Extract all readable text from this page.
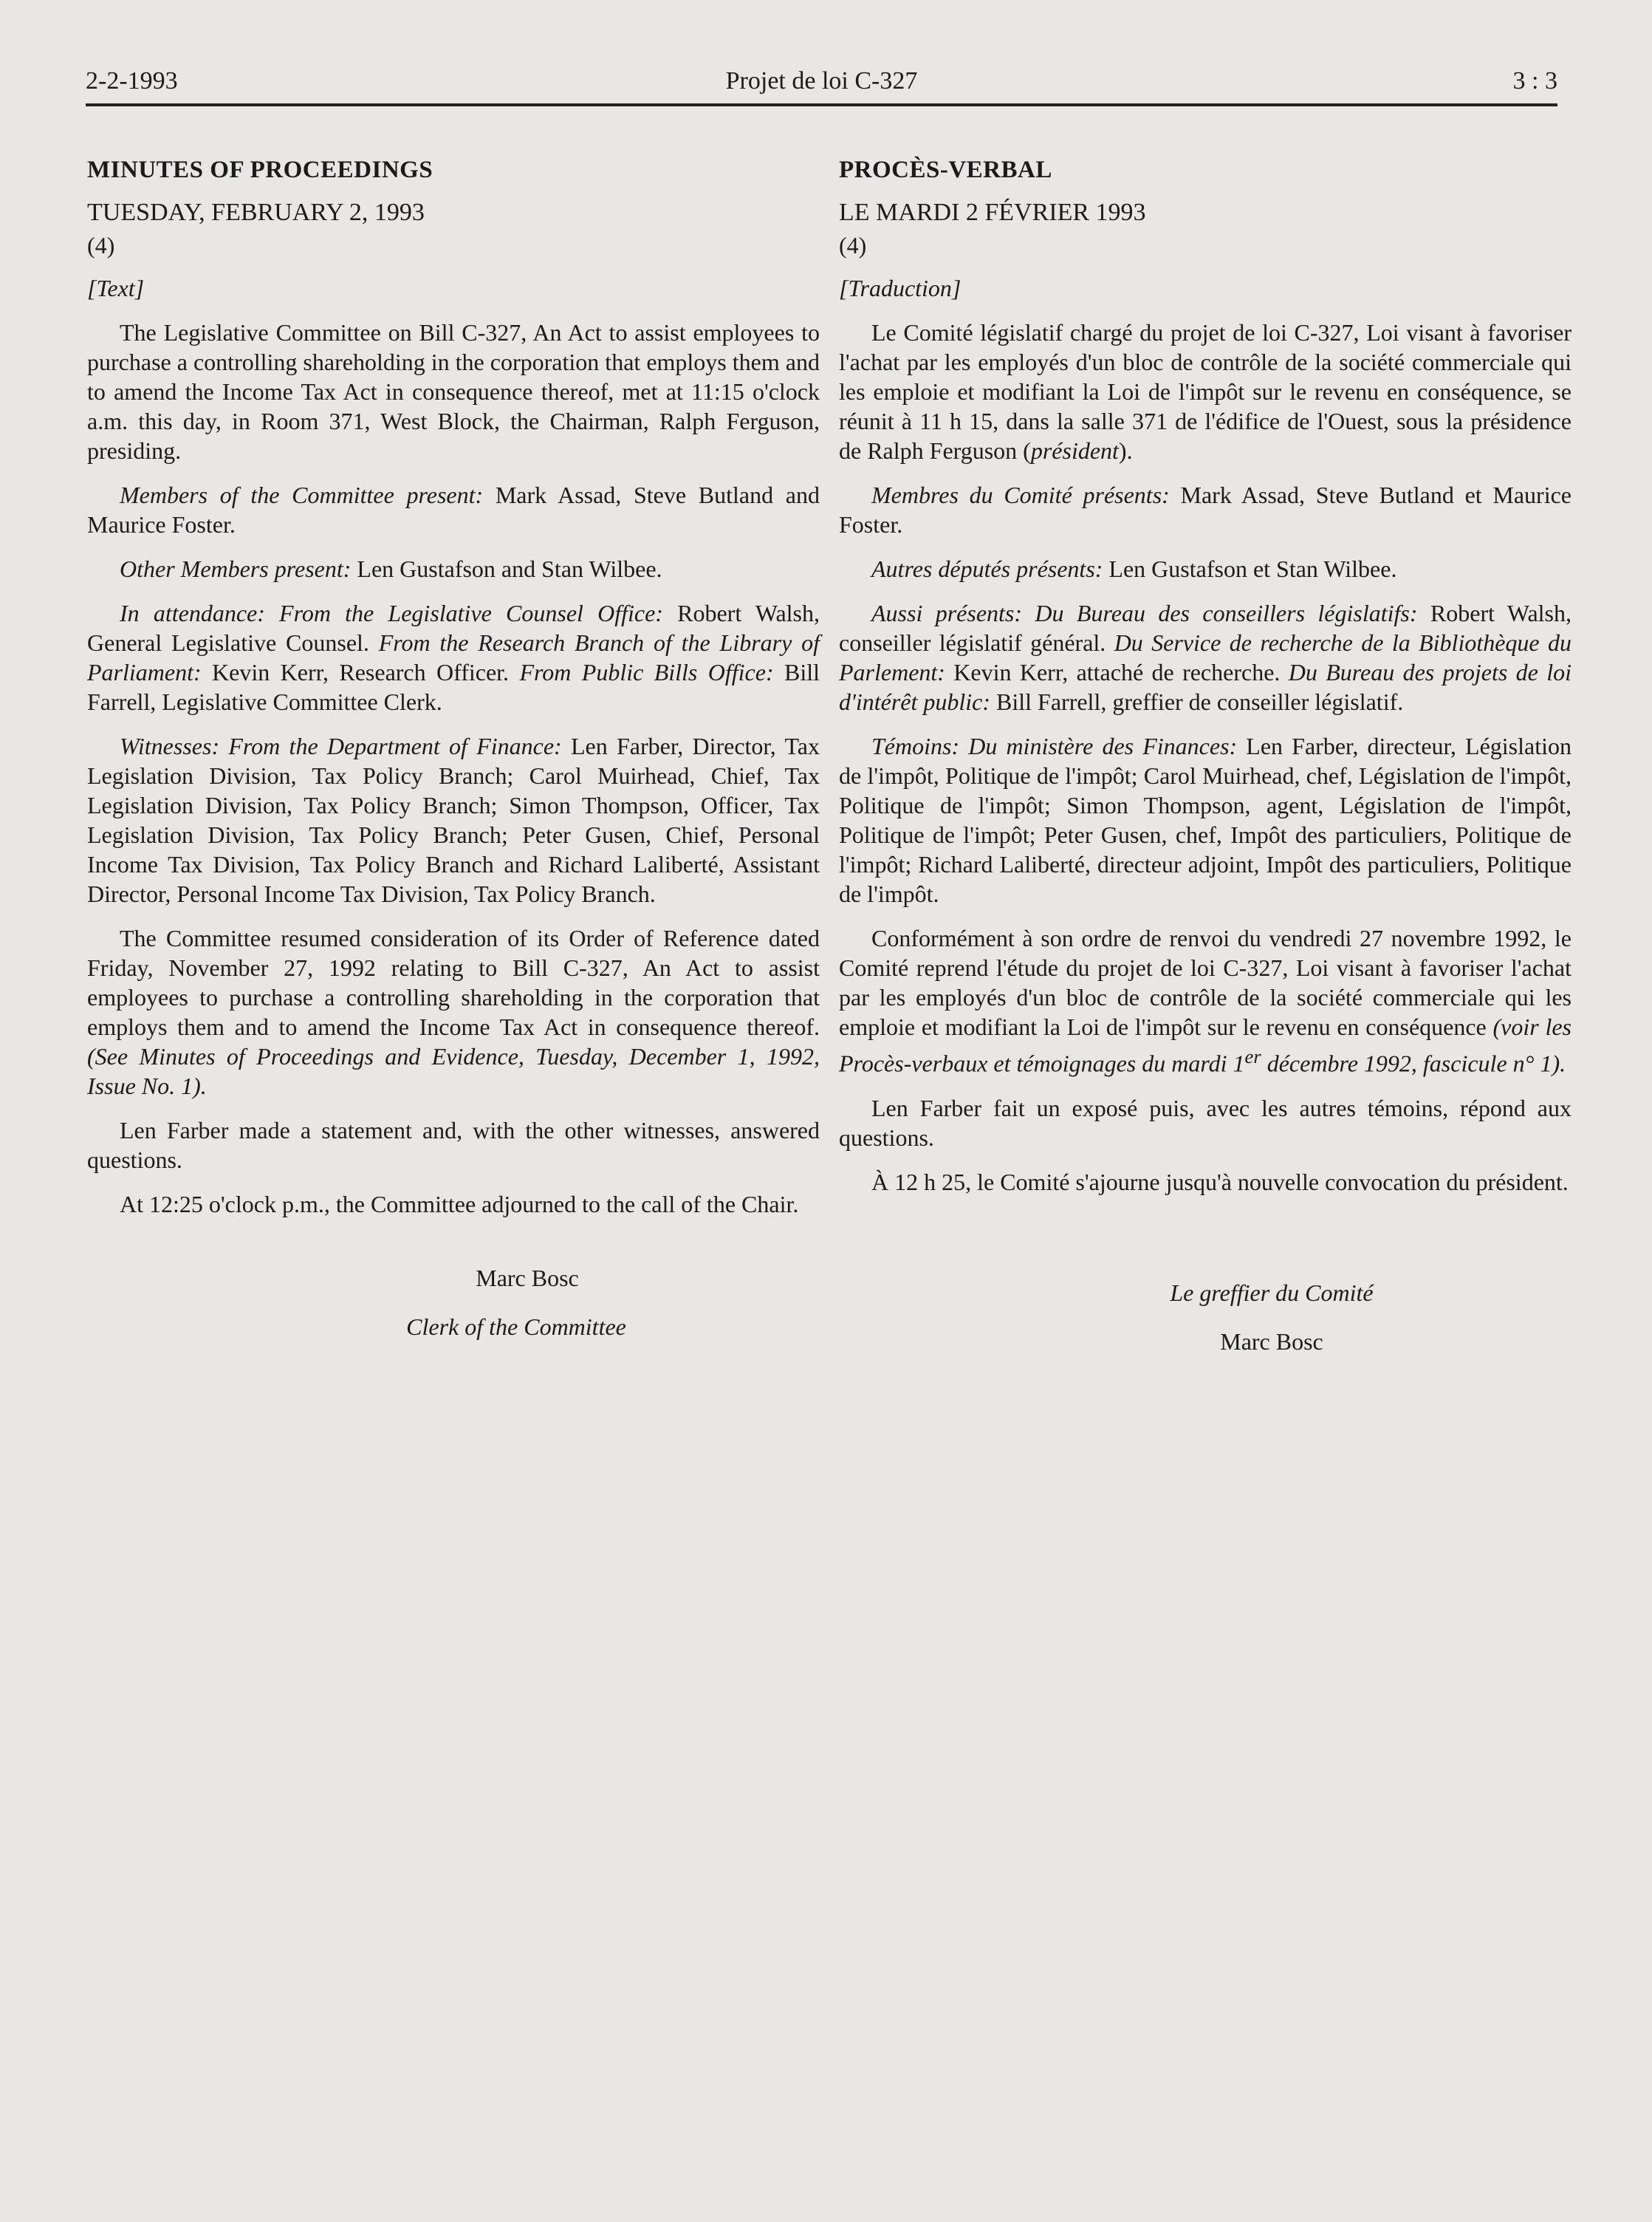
2-2-1993	Projet de loi C-327	3 : 3
MINUTES OF PROCEEDINGS
TUESDAY, FEBRUARY 2, 1993
(4)

[Text]

The Legislative Committee on Bill C-327, An Act to assist employees to purchase a controlling shareholding in the corporation that employs them and to amend the Income Tax Act in consequence thereof, met at 11:15 o'clock a.m. this day, in Room 371, West Block, the Chairman, Ralph Ferguson, presiding.

Members of the Committee present: Mark Assad, Steve Butland and Maurice Foster.

Other Members present: Len Gustafson and Stan Wilbee.

In attendance: From the Legislative Counsel Office: Robert Walsh, General Legislative Counsel. From the Research Branch of the Library of Parliament: Kevin Kerr, Research Officer. From Public Bills Office: Bill Farrell, Legislative Committee Clerk.

Witnesses: From the Department of Finance: Len Farber, Director, Tax Legislation Division, Tax Policy Branch; Carol Muirhead, Chief, Tax Legislation Division, Tax Policy Branch; Simon Thompson, Officer, Tax Legislation Division, Tax Policy Branch; Peter Gusen, Chief, Personal Income Tax Division, Tax Policy Branch and Richard Laliberté, Assistant Director, Personal Income Tax Division, Tax Policy Branch.

The Committee resumed consideration of its Order of Reference dated Friday, November 27, 1992 relating to Bill C-327, An Act to assist employees to purchase a controlling shareholding in the corporation that employs them and to amend the Income Tax Act in consequence thereof. (See Minutes of Proceedings and Evidence, Tuesday, December 1, 1992, Issue No. 1).

Len Farber made a statement and, with the other witnesses, answered questions.

At 12:25 o'clock p.m., the Committee adjourned to the call of the Chair.

Marc Bosc
Clerk of the Committee
PROCÈS-VERBAL
LE MARDI 2 FÉVRIER 1993
(4)

[Traduction]

Le Comité législatif chargé du projet de loi C-327, Loi visant à favoriser l'achat par les employés d'un bloc de contrôle de la société commerciale qui les emploie et modifiant la Loi de l'impôt sur le revenu en conséquence, se réunit à 11 h 15, dans la salle 371 de l'édifice de l'Ouest, sous la présidence de Ralph Ferguson (président).

Membres du Comité présents: Mark Assad, Steve Butland et Maurice Foster.

Autres députés présents: Len Gustafson et Stan Wilbee.

Aussi présents: Du Bureau des conseillers législatifs: Robert Walsh, conseiller législatif général. Du Service de recherche de la Bibliothèque du Parlement: Kevin Kerr, attaché de recherche. Du Bureau des projets de loi d'intérêt public: Bill Farrell, greffier de conseiller législatif.

Témoins: Du ministère des Finances: Len Farber, directeur, Législation de l'impôt, Politique de l'impôt; Carol Muirhead, chef, Législation de l'impôt, Politique de l'impôt; Simon Thompson, agent, Législation de l'impôt, Politique de l'impôt; Peter Gusen, chef, Impôt des particuliers, Politique de l'impôt; Richard Laliberté, directeur adjoint, Impôt des particuliers, Politique de l'impôt.

Conformément à son ordre de renvoi du vendredi 27 novembre 1992, le Comité reprend l'étude du projet de loi C-327, Loi visant à favoriser l'achat par les employés d'un bloc de contrôle de la société commerciale qui les emploie et modifiant la Loi de l'impôt sur le revenu en conséquence (voir les Procès-verbaux et témoignages du mardi 1er décembre 1992, fascicule n° 1).

Len Farber fait un exposé puis, avec les autres témoins, répond aux questions.

À 12 h 25, le Comité s'ajourne jusqu'à nouvelle convocation du président.

Le greffier du Comité
Marc Bosc
